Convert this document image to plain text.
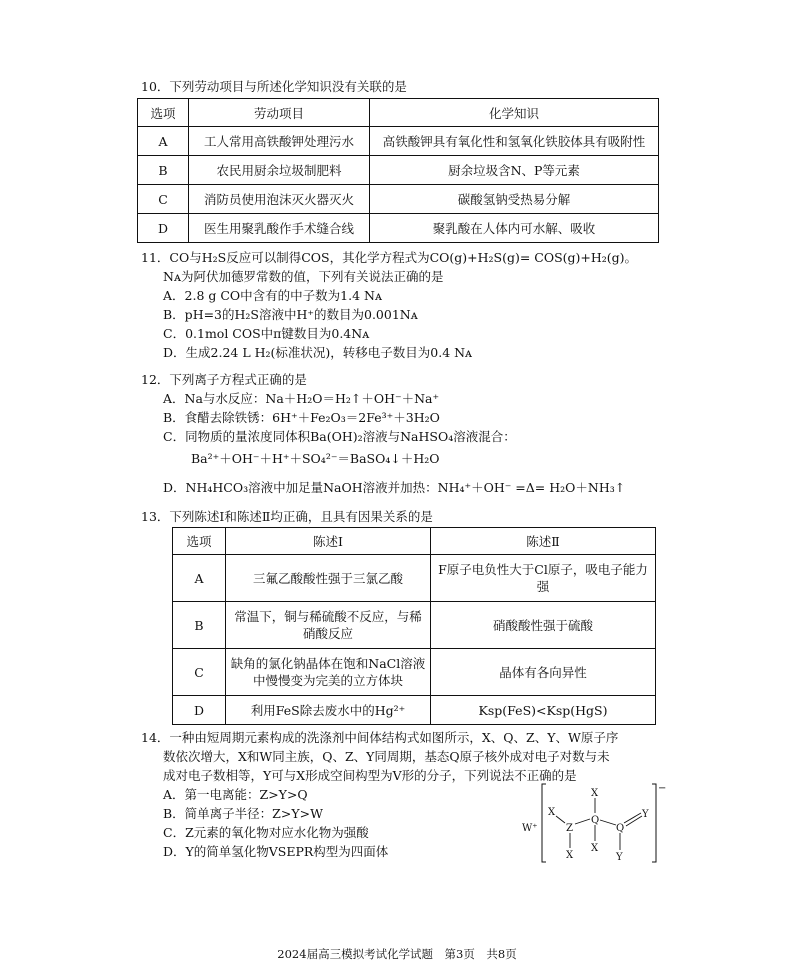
10．下列劳动项目与所述化学知识没有关联的是
选项	劳动项目	化学知识
A	工人常用高铁酸钾处理污水	高铁酸钾具有氧化性和氢氧化铁胶体具有吸附性
B	农民用厨余垃圾制肥料	厨余垃圾含N、P等元素
C	消防员使用泡沫灭火器灭火	碳酸氢钠受热易分解
D	医生用聚乳酸作手术缝合线	聚乳酸在人体内可水解、吸收
11．CO与H₂S反应可以制得COS，其化学方程式为CO(g)+H₂S(g)= COS(g)+H₂(g)。
Nᴀ为阿伏加德罗常数的值，下列有关说法正确的是
A．2.8 g CO中含有的中子数为1.4 Nᴀ
B．pH=3的H₂S溶液中H⁺的数目为0.001Nᴀ
C．0.1mol COS中π键数目为0.4Nᴀ
D．生成2.24 L H₂(标准状况)，转移电子数目为0.4 Nᴀ
12．下列离子方程式正确的是
A．Na与水反应：Na＋H₂O＝H₂↑＋OH⁻＋Na⁺
B．食醋去除铁锈：6H⁺＋Fe₂O₃＝2Fe³⁺＋3H₂O
C．同物质的量浓度同体积Ba(OH)₂溶液与NaHSO₄溶液混合：
Ba²⁺＋OH⁻＋H⁺＋SO₄²⁻＝BaSO₄↓＋H₂O
D．NH₄HCO₃溶液中加足量NaOH溶液并加热：NH₄⁺＋OH⁻ =Δ= H₂O＋NH₃↑
13．下列陈述Ⅰ和陈述Ⅱ均正确，且具有因果关系的是
选项	陈述Ⅰ	陈述Ⅱ
A	三氟乙酸酸性强于三氯乙酸	F原子电负性大于Cl原子，吸电子能力强
B	常温下，铜与稀硫酸不反应，与稀硝酸反应	硝酸酸性强于硫酸
C	缺角的氯化钠晶体在饱和NaCl溶液中慢慢变为完美的立方体块	晶体有各向异性
D	利用FeS除去废水中的Hg²⁺	Ksp(FeS)<Ksp(HgS)
14．一种由短周期元素构成的洗涤剂中间体结构式如图所示，X、Q、Z、Y、W原子序
数依次增大，X和W同主族，Q、Z、Y同周期，基态Q原子核外成对电子对数与未
成对电子数相等，Y可与X形成空间构型为V形的分子，下列说法不正确的是
A．第一电离能：Z>Y>Q
B．简单离子半径：Z>Y>W
C．Z元素的氧化物对应水化物为强酸
D．Y的简单氢化物VSEPR构型为四面体
W⁺
−
X
Z
X
X
Q
X
Q
Y
Y
2024届高三模拟考试化学试题　第3页　共8页
